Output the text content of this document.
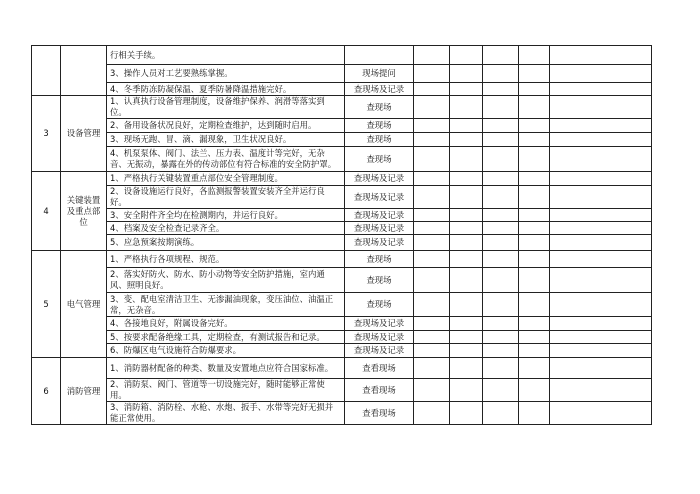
		行相关手续。						
		3、操作人员对工艺要熟练掌握。	现场提问					
		4、冬季防冻防凝保温、夏季防暑降温措施完好。	查现场及记录					
3	设备管理	1、认真执行设备管理制度，设备维护保养、润滑等落实到位。	查现场					
		2、备用设备状况良好，定期检查维护，达到随时启用。	查现场					
		3、现场无跑、冒、滴、漏现象，卫生状况良好。	查现场					
		4、机泵泵体、阀门、法兰、压力表、温度计等完好，无杂音、无振动，暴露在外的传动部位有符合标准的安全防护罩。	查现场					
4	关键装置及重点部位	1、严格执行关键装置重点部位安全管理制度。	查现场及记录					
		2、设备设施运行良好，各监测报警装置安装齐全并运行良好。	查现场及记录					
		3、安全附件齐全均在检测期内，并运行良好。	查现场及记录					
		4、档案及安全检查记录齐全。	查现场及记录					
		5、应急预案按期演练。	查现场及记录					
5	电气管理	1、严格执行各项规程、规范。	查现场					
		2、落实好防火、防水、防小动物等安全防护措施，室内通风、照明良好。	查现场					
		3、变、配电室清洁卫生、无渗漏油现象，变压油位、油温正常，无杂音。	查现场					
		4、各接地良好，附属设备完好。	查现场及记录					
		5、按要求配备绝缘工具，定期检查，有测试报告和记录。	查现场及记录					
		6、防爆区电气设施符合防爆要求。	查现场及记录					
6	消防管理	1、消防器材配备的种类、数量及安置地点应符合国家标准。	查看现场					
		2、消防泵、阀门、管道等一切设施完好，随时能够正常使用。	查看现场					
		3、消防箱、消防栓、水枪、水炮、扳手、水带等完好无损并能正常使用。	查看现场					
